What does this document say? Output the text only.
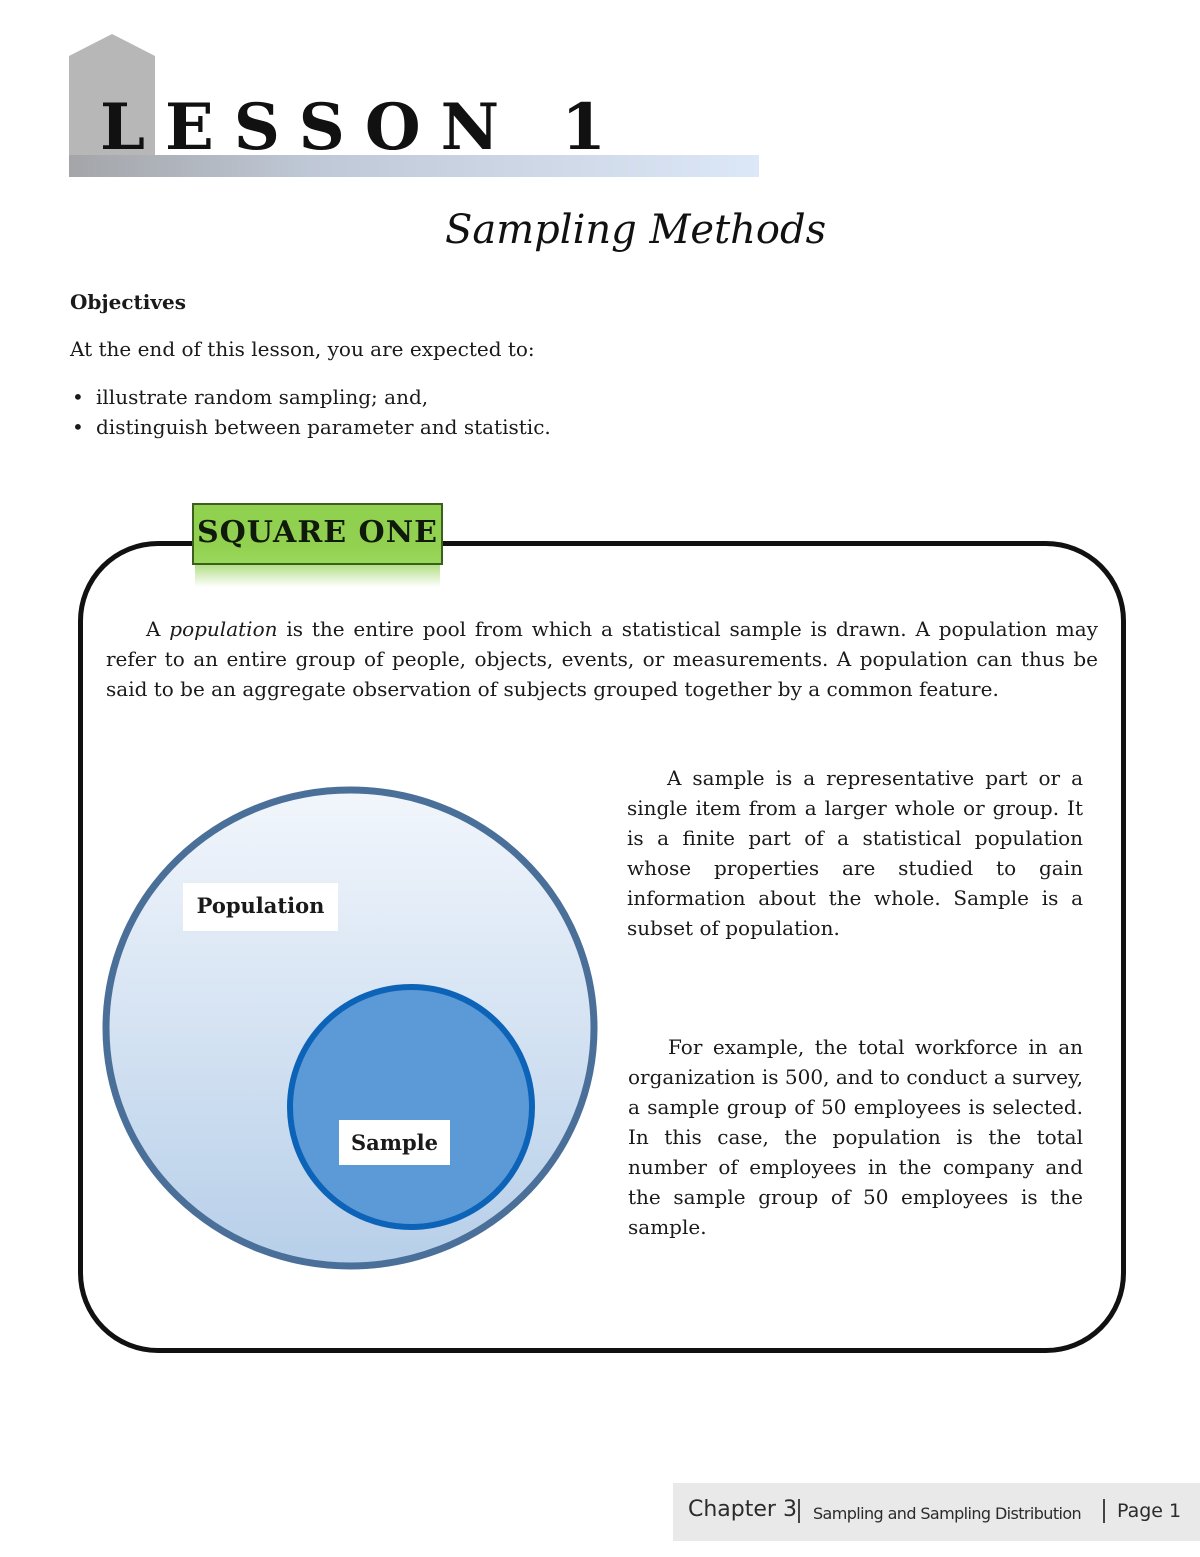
LESSON 1
Sampling Methods
Objectives

At the end of this lesson, you are expected to:

• illustrate random sampling; and,
• distinguish between parameter and statistic.
SQUARE ONE

A population is the entire pool from which a statistical sample is drawn. A population may refer to an entire group of people, objects, events, or measurements. A population can thus be said to be an aggregate observation of subjects grouped together by a common feature.

Population
Sample

A sample is a representative part or a single item from a larger whole or group. It is a finite part of a statistical population whose properties are studied to gain information about the whole. Sample is a subset of population.

For example, the total workforce in an organization is 500, and to conduct a survey, a sample group of 50 employees is selected. In this case, the population is the total number of employees in the company and the sample group of 50 employees is the sample.

Chapter 3 Sampling and Sampling Distribution Page 1
